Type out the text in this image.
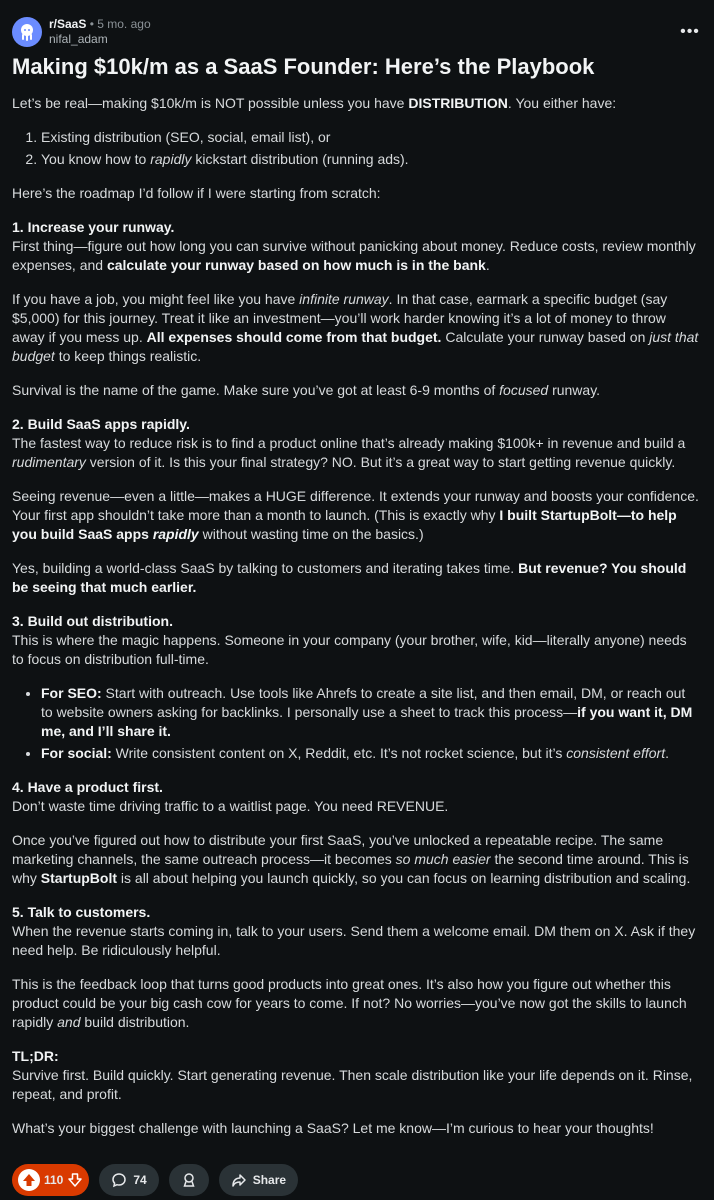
r/SaaS • 5 mo. ago
nifal_adam	•••
Making $10k/m as a SaaS Founder: Here’s the Playbook

Let’s be real—making $10k/m is NOT possible unless you have DISTRIBUTION. You either have:

1. Existing distribution (SEO, social, email list), or
2. You know how to rapidly kickstart distribution (running ads).

Here’s the roadmap I’d follow if I were starting from scratch:

1. Increase your runway.
First thing—figure out how long you can survive without panicking about money. Reduce costs, review monthly expenses, and calculate your runway based on how much is in the bank.

If you have a job, you might feel like you have infinite runway. In that case, earmark a specific budget (say $5,000) for this journey. Treat it like an investment—you’ll work harder knowing it’s a lot of money to throw away if you mess up. All expenses should come from that budget. Calculate your runway based on just that budget to keep things realistic.

Survival is the name of the game. Make sure you’ve got at least 6-9 months of focused runway.

2. Build SaaS apps rapidly.
The fastest way to reduce risk is to find a product online that’s already making $100k+ in revenue and build a rudimentary version of it. Is this your final strategy? NO. But it’s a great way to start getting revenue quickly.

Seeing revenue—even a little—makes a HUGE difference. It extends your runway and boosts your confidence. Your first app shouldn’t take more than a month to launch. (This is exactly why I built StartupBolt—to help you build SaaS apps rapidly without wasting time on the basics.)

Yes, building a world-class SaaS by talking to customers and iterating takes time. But revenue? You should be seeing that much earlier.

3. Build out distribution.
This is where the magic happens. Someone in your company (your brother, wife, kid—literally anyone) needs to focus on distribution full-time.

• For SEO: Start with outreach. Use tools like Ahrefs to create a site list, and then email, DM, or reach out to website owners asking for backlinks. I personally use a sheet to track this process—if you want it, DM me, and I’ll share it.
• For social: Write consistent content on X, Reddit, etc. It’s not rocket science, but it’s consistent effort.

4. Have a product first.
Don’t waste time driving traffic to a waitlist page. You need REVENUE.

Once you’ve figured out how to distribute your first SaaS, you’ve unlocked a repeatable recipe. The same marketing channels, the same outreach process—it becomes so much easier the second time around. This is why StartupBolt is all about helping you launch quickly, so you can focus on learning distribution and scaling.

5. Talk to customers.
When the revenue starts coming in, talk to your users. Send them a welcome email. DM them on X. Ask if they need help. Be ridiculously helpful.

This is the feedback loop that turns good products into great ones. It’s also how you figure out whether this product could be your big cash cow for years to come. If not? No worries—you’ve now got the skills to launch rapidly and build distribution.

TL;DR:
Survive first. Build quickly. Start generating revenue. Then scale distribution like your life depends on it. Rinse, repeat, and profit.

What’s your biggest challenge with launching a SaaS? Let me know—I’m curious to hear your thoughts!

110	74	Share
